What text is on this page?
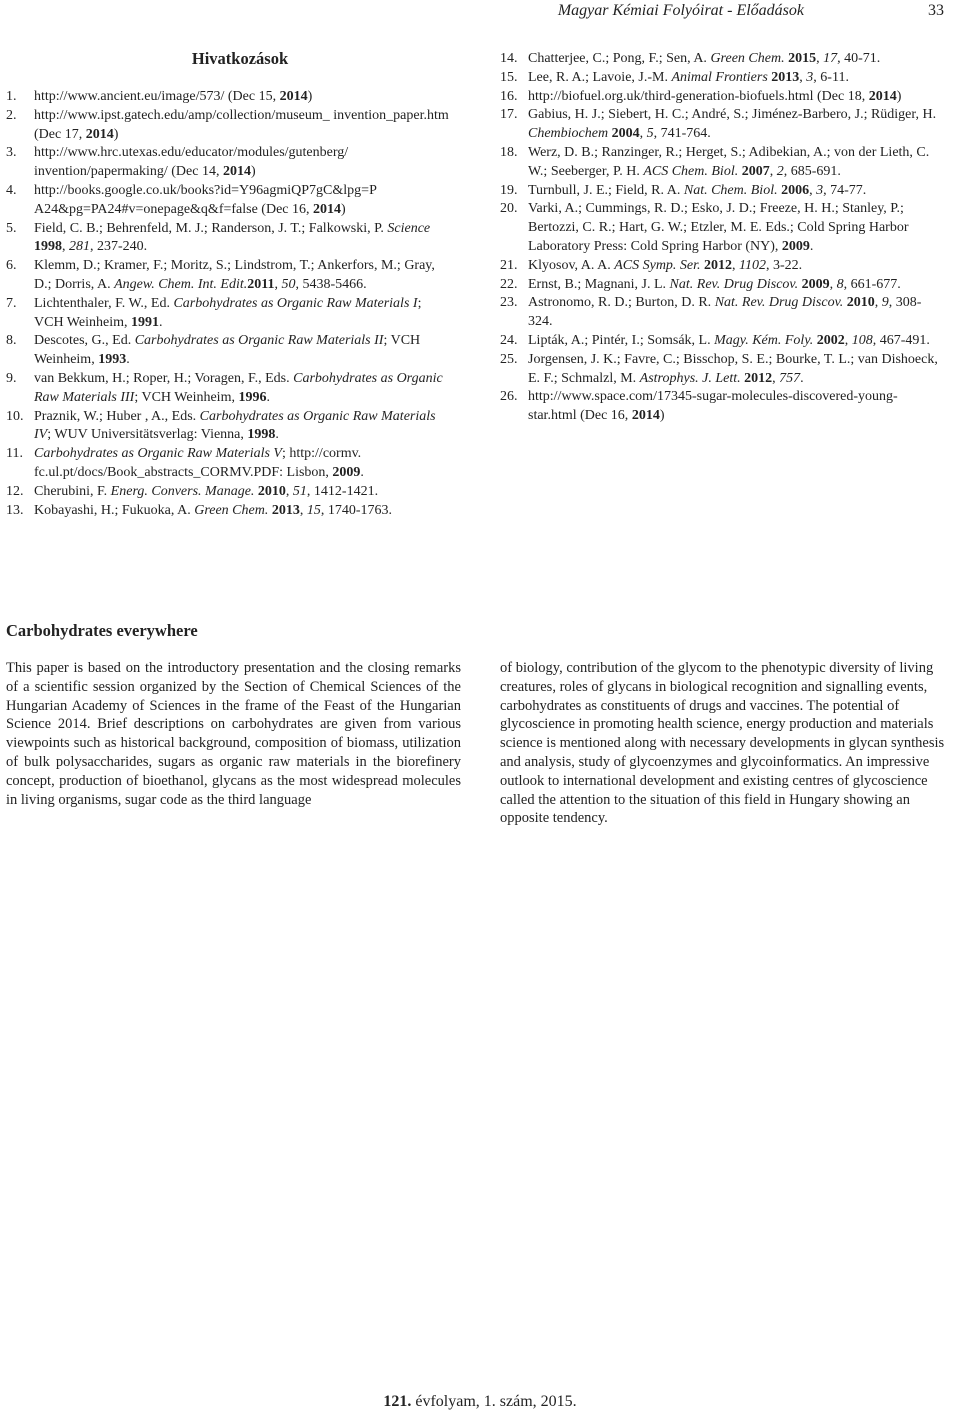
Magyar Kémiai Folyóirat - Előadások	33
Hivatkozások
1. http://www.ancient.eu/image/573/ (Dec 15, 2014)
2. http://www.ipst.gatech.edu/amp/collection/museum_ invention_paper.htm (Dec 17, 2014)
3. http://www.hrc.utexas.edu/educator/modules/gutenberg/ invention/papermaking/ (Dec 14, 2014)
4. http://books.google.co.uk/books?id=Y96agmiQP7gC&lpg=P A24&pg=PA24#v=onepage&q&f=false (Dec 16, 2014)
5. Field, C. B.; Behrenfeld, M. J.; Randerson, J. T.; Falkowski, P. Science 1998, 281, 237-240.
6. Klemm, D.; Kramer, F.; Moritz, S.; Lindstrom, T.; Ankerfors, M.; Gray, D.; Dorris, A. Angew. Chem. Int. Edit.2011, 50, 5438-5466.
7. Lichtenthaler, F. W., Ed. Carbohydrates as Organic Raw Materials I; VCH Weinheim, 1991.
8. Descotes, G., Ed. Carbohydrates as Organic Raw Materials II; VCH Weinheim, 1993.
9. van Bekkum, H.; Roper, H.; Voragen, F., Eds. Carbohydrates as Organic Raw Materials III; VCH Weinheim, 1996.
10. Praznik, W.; Huber , A., Eds. Carbohydrates as Organic Raw Materials IV; WUV Universitätsverlag: Vienna, 1998.
11. Carbohydrates as Organic Raw Materials V; http://cormv. fc.ul.pt/docs/Book_abstracts_CORMV.PDF: Lisbon, 2009.
12. Cherubini, F. Energ. Convers. Manage. 2010, 51, 1412-1421.
13. Kobayashi, H.; Fukuoka, A. Green Chem. 2013, 15, 1740-1763.
14. Chatterjee, C.; Pong, F.; Sen, A. Green Chem. 2015, 17, 40-71.
15. Lee, R. A.; Lavoie, J.-M. Animal Frontiers 2013, 3, 6-11.
16. http://biofuel.org.uk/third-generation-biofuels.html (Dec 18, 2014)
17. Gabius, H. J.; Siebert, H. C.; André, S.; Jiménez-Barbero, J.; Rüdiger, H. Chembiochem 2004, 5, 741-764.
18. Werz, D. B.; Ranzinger, R.; Herget, S.; Adibekian, A.; von der Lieth, C. W.; Seeberger, P. H. ACS Chem. Biol. 2007, 2, 685-691.
19. Turnbull, J. E.; Field, R. A. Nat. Chem. Biol. 2006, 3, 74-77.
20. Varki, A.; Cummings, R. D.; Esko, J. D.; Freeze, H. H.; Stanley, P.; Bertozzi, C. R.; Hart, G. W.; Etzler, M. E. Eds.; Cold Spring Harbor Laboratory Press: Cold Spring Harbor (NY), 2009.
21. Klyosov, A. A. ACS Symp. Ser. 2012, 1102, 3-22.
22. Ernst, B.; Magnani, J. L. Nat. Rev. Drug Discov. 2009, 8, 661-677.
23. Astronomo, R. D.; Burton, D. R. Nat. Rev. Drug Discov. 2010, 9, 308-324.
24. Lipták, A.; Pintér, I.; Somsák, L. Magy. Kém. Foly. 2002, 108, 467-491.
25. Jorgensen, J. K.; Favre, C.; Bisschop, S. E.; Bourke, T. L.; van Dishoeck, E. F.; Schmalzl, M. Astrophys. J. Lett. 2012, 757.
26. http://www.space.com/17345-sugar-molecules-discovered-young-star.html (Dec 16, 2014)
Carbohydrates everywhere

This paper is based on the introductory presentation and the closing remarks of a scientific session organized by the Section of Chemical Sciences of the Hungarian Academy of Sciences in the frame of the Feast of the Hungarian Science 2014. Brief descriptions on carbohydrates are given from various viewpoints such as historical background, composition of biomass, utilization of bulk polysaccharides, sugars as organic raw materials in the biorefinery concept, production of bioethanol, glycans as the most widespread molecules in living organisms, sugar code as the third language

of biology, contribution of the glycom to the phenotypic diversity of living creatures, roles of glycans in biological recognition and signalling events, carbohydrates as constituents of drugs and vaccines. The potential of glycoscience in promoting health science, energy production and materials science is mentioned along with necessary developments in glycan synthesis and analysis, study of glycoenzymes and glycoinformatics. An impressive outlook to international development and existing centres of glycoscience called the attention to the situation of this field in Hungary showing an opposite tendency.

121. évfolyam, 1. szám, 2015.
